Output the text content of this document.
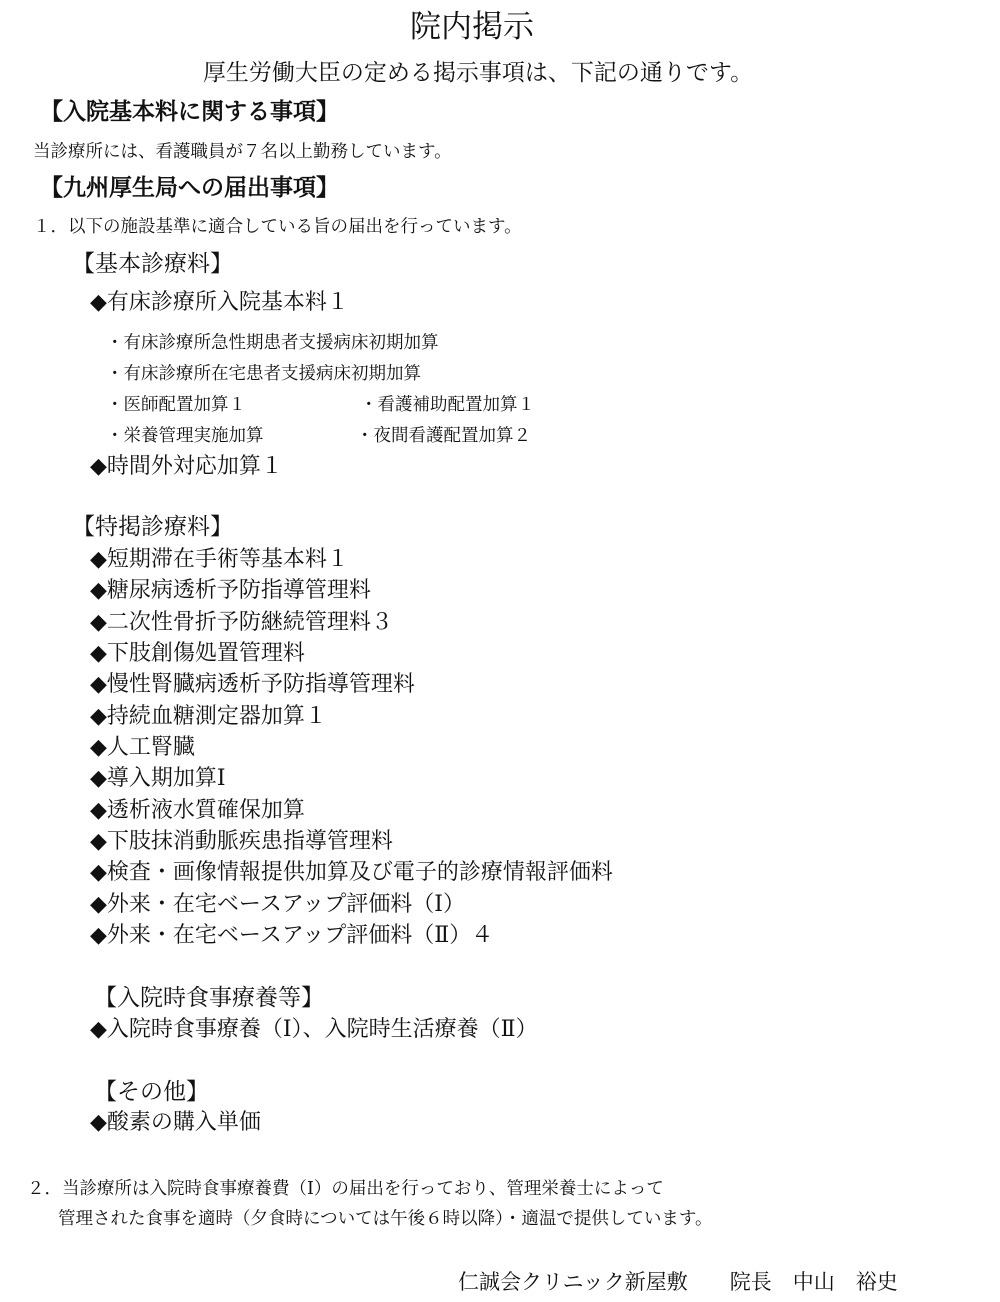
院内掲示
厚生労働大臣の定める掲示事項は、下記の通りです。
【入院基本料に関する事項】
当診療所には、看護職員が７名以上勤務しています。
【九州厚生局への届出事項】
１．以下の施設基準に適合している旨の届出を行っています。
【基本診療料】
◆有床診療所入院基本料１
・有床診療所急性期患者支援病床初期加算
・有床診療所在宅患者支援病床初期加算
・医師配置加算１	・看護補助配置加算１
・栄養管理実施加算	・夜間看護配置加算２
◆時間外対応加算１
【特掲診療料】
◆短期滞在手術等基本料１
◆糖尿病透析予防指導管理料
◆二次性骨折予防継続管理料３
◆下肢創傷処置管理料
◆慢性腎臓病透析予防指導管理料
◆持続血糖測定器加算１
◆人工腎臓
◆導入期加算Ⅰ
◆透析液水質確保加算
◆下肢抹消動脈疾患指導管理料
◆検査・画像情報提供加算及び電子的診療情報評価料
◆外来・在宅ベースアップ評価料（Ⅰ）
◆外来・在宅ベースアップ評価料（Ⅱ）４
【入院時食事療養等】
◆入院時食事療養（Ⅰ）、入院時生活療養（Ⅱ）
【その他】
◆酸素の購入単価
２．当診療所は入院時食事療養費（Ⅰ）の届出を行っており、管理栄養士によって
管理された食事を適時（夕食時については午後６時以降）・適温で提供しています。
仁誠会クリニック新屋敷　　院長　中山　裕史
